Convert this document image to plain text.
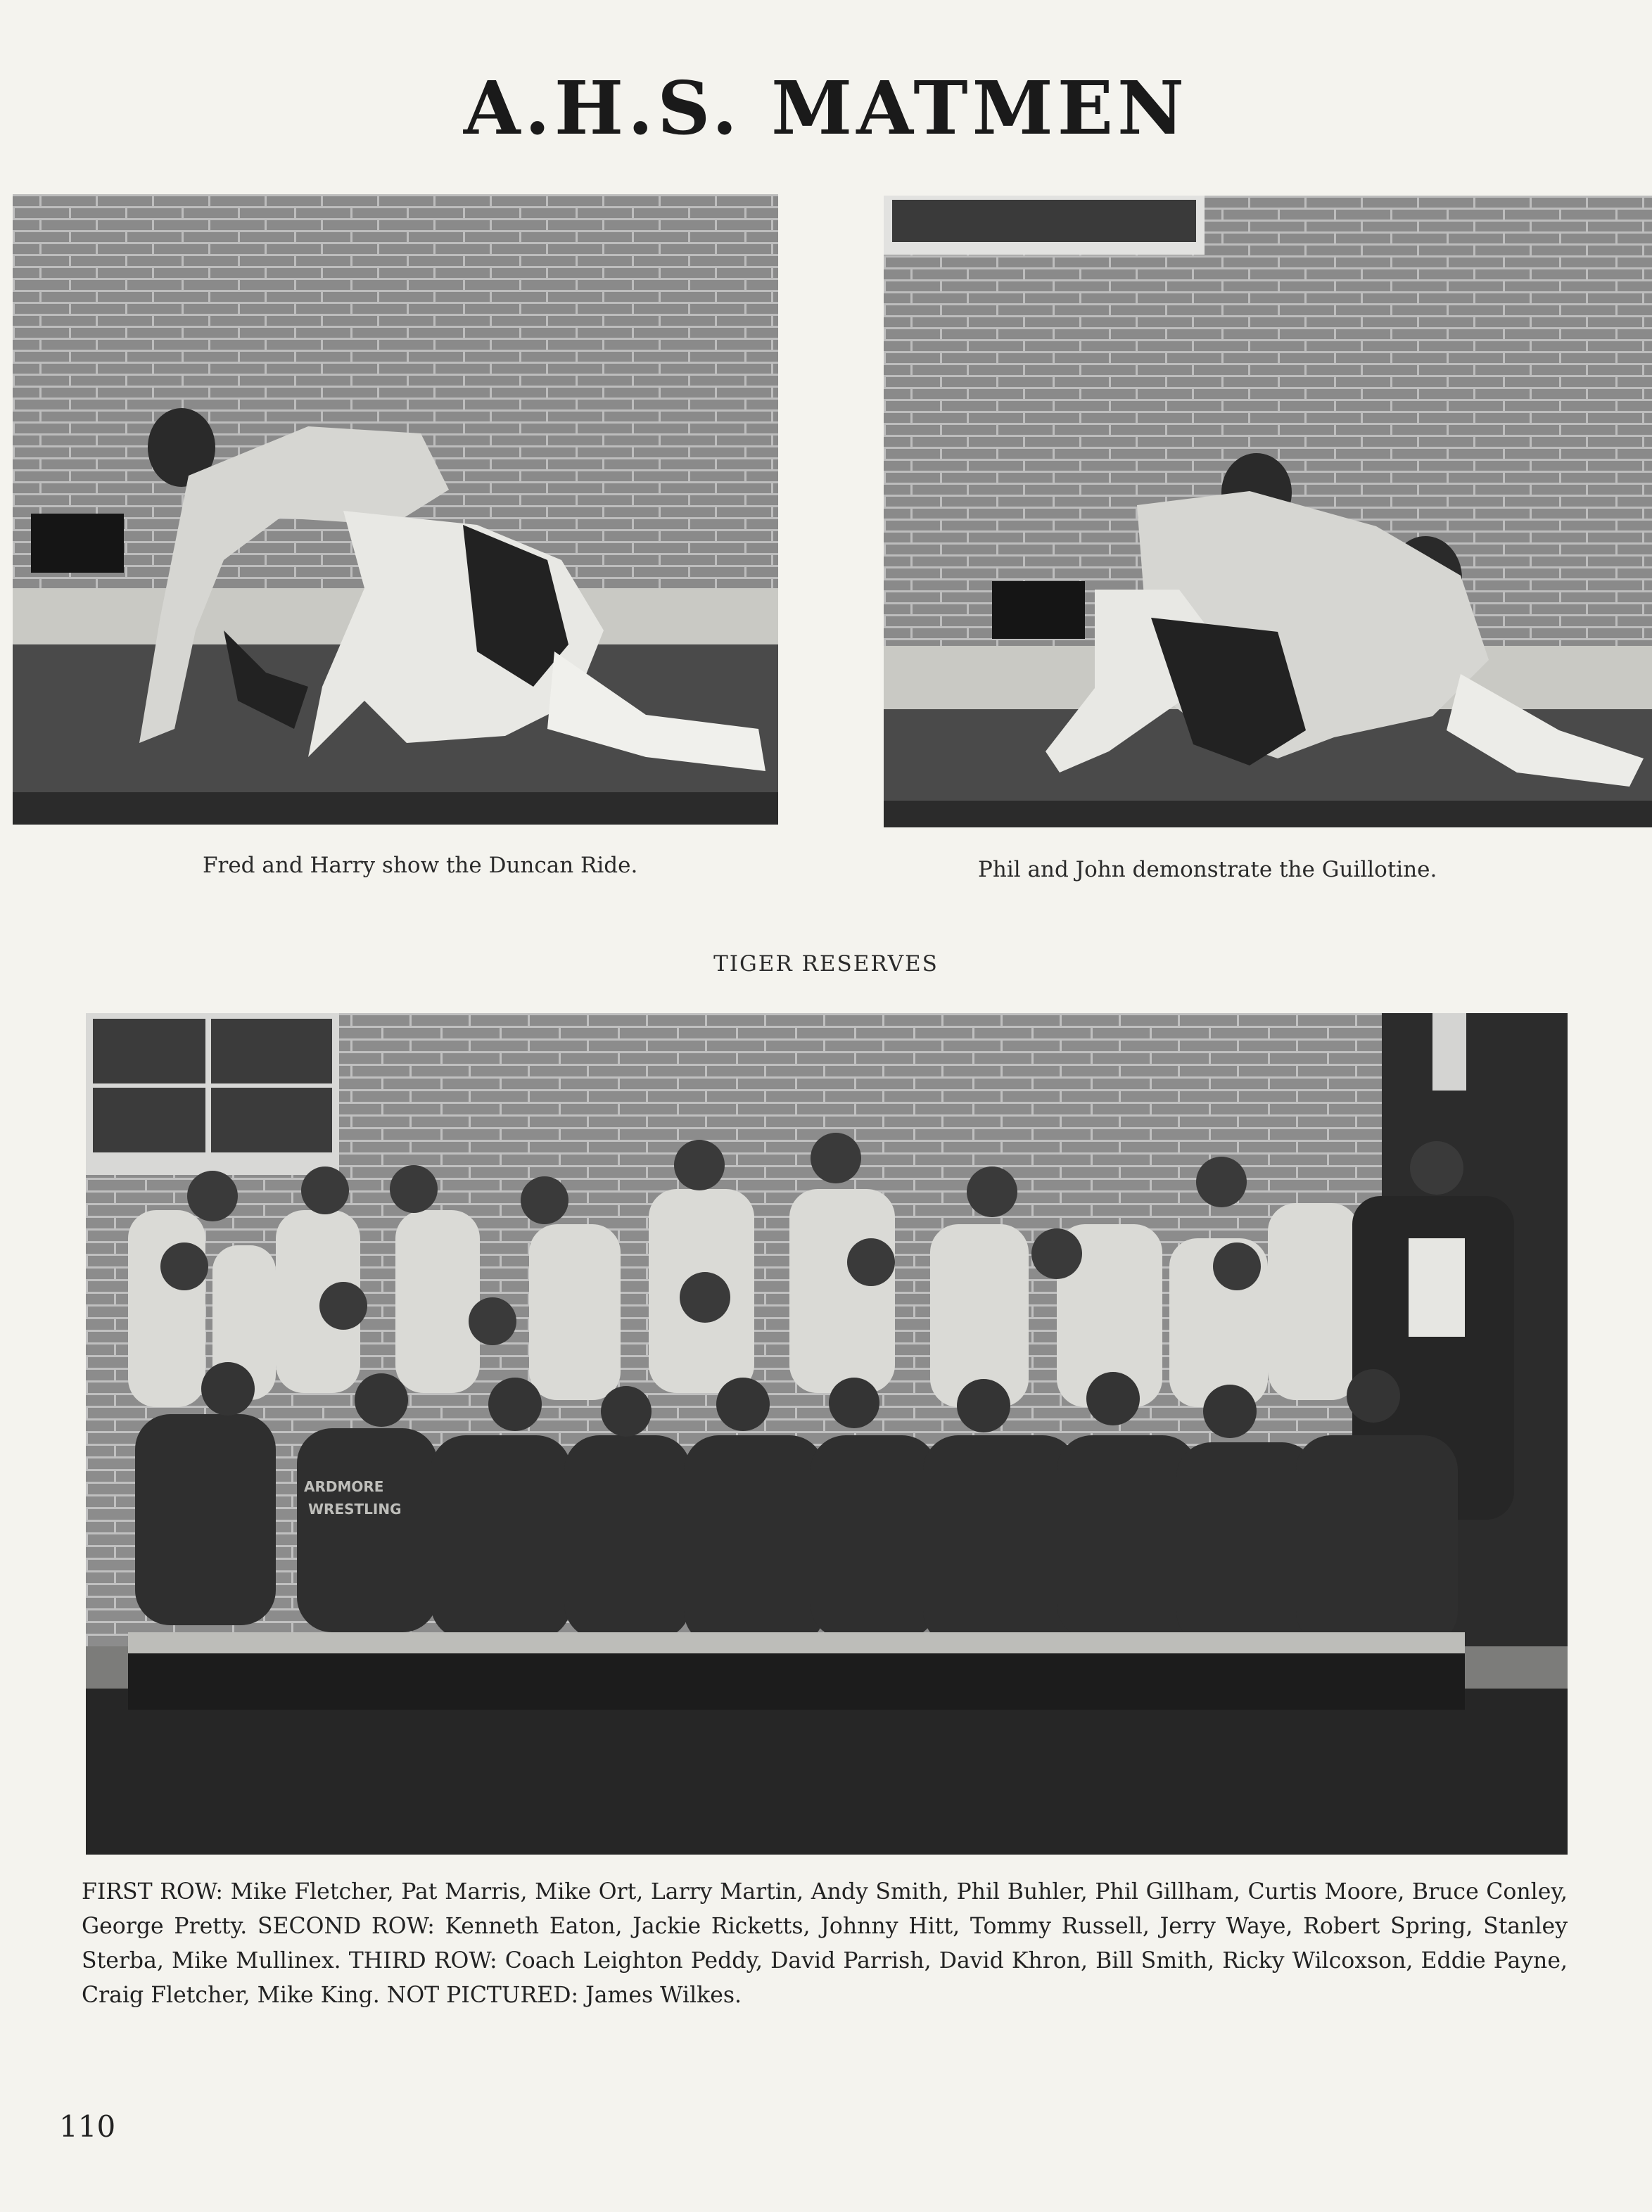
A.H.S. MATMEN
Fred and Harry show the Duncan Ride.	Phil and John demonstrate the Guillotine.
TIGER RESERVES
ARDMORE
WRESTLING
FIRST ROW: Mike Fletcher, Pat Marris, Mike Ort, Larry Martin, Andy Smith, Phil Buhler, Phil Gillham, Curtis Moore, Bruce Conley, George Pretty. SECOND ROW: Kenneth Eaton, Jackie Ricketts, Johnny Hitt, Tommy Russell, Jerry Waye, Robert Spring, Stanley Sterba, Mike Mullinex. THIRD ROW: Coach Leighton Peddy, David Parrish, David Khron, Bill Smith, Ricky Wilcoxson, Eddie Payne, Craig Fletcher, Mike King. NOT PICTURED: James Wilkes.
110
